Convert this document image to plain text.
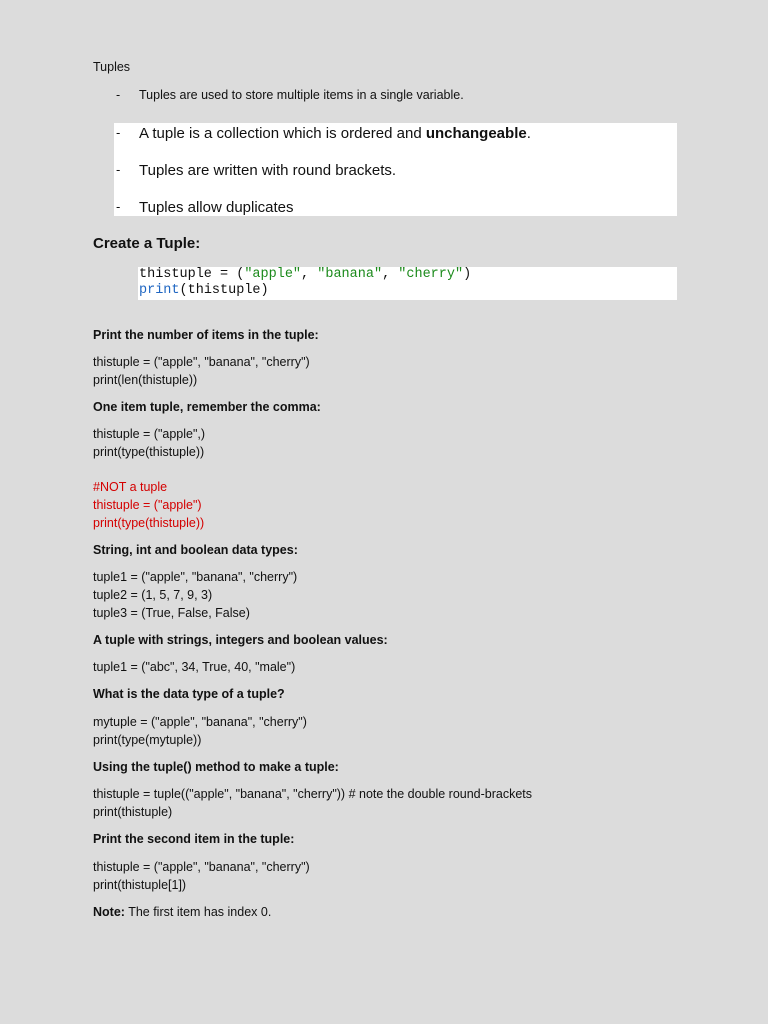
Tuples
- Tuples are used to store multiple items in a single variable.
- A tuple is a collection which is ordered and unchangeable.
- Tuples are written with round brackets.
- Tuples allow duplicates
Create a Tuple:
thistuple = ("apple", "banana", "cherry")
print(thistuple)
Print the number of items in the tuple:
thistuple = ("apple", "banana", "cherry")
print(len(thistuple))
One item tuple, remember the comma:
thistuple = ("apple",)
print(type(thistuple))
#NOT a tuple
thistuple = ("apple")
print(type(thistuple))
String, int and boolean data types:
tuple1 = ("apple", "banana", "cherry")
tuple2 = (1, 5, 7, 9, 3)
tuple3 = (True, False, False)
A tuple with strings, integers and boolean values:
tuple1 = ("abc", 34, True, 40, "male")
What is the data type of a tuple?
mytuple = ("apple", "banana", "cherry")
print(type(mytuple))
Using the tuple() method to make a tuple:
thistuple = tuple(("apple", "banana", "cherry")) # note the double round-brackets
print(thistuple)
Print the second item in the tuple:
thistuple = ("apple", "banana", "cherry")
print(thistuple[1])
Note: The first item has index 0.
